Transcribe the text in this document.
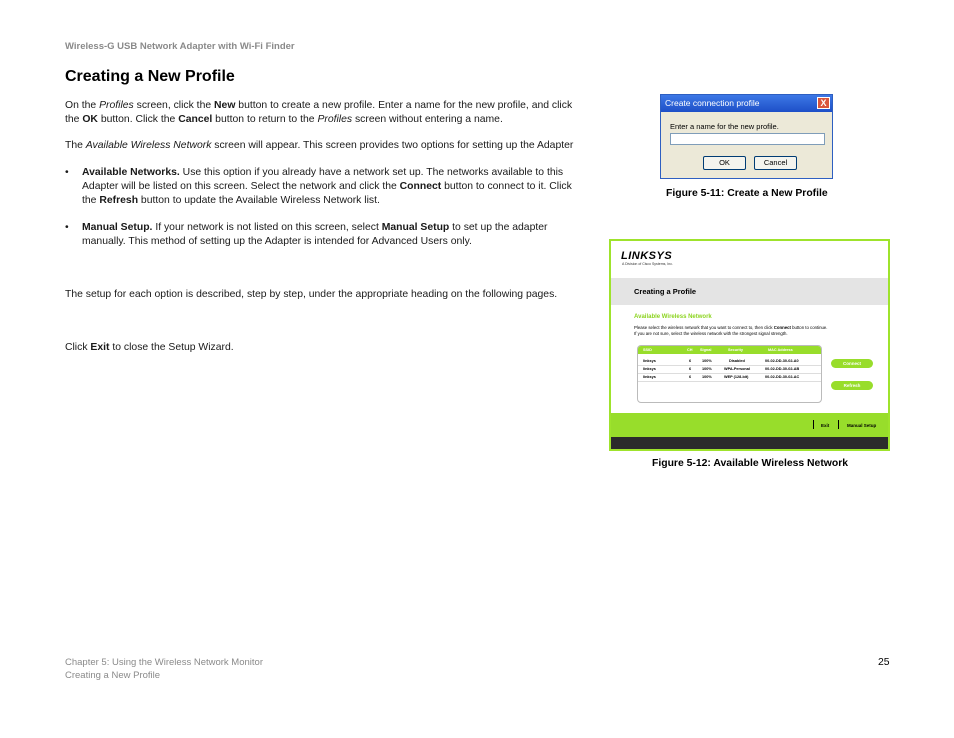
Wireless-G USB Network Adapter with Wi-Fi Finder
Creating a New Profile

On the Profiles screen, click the New button to create a new profile. Enter a name for the new profile, and click the OK button. Click the Cancel button to return to the Profiles screen without entering a name.

The Available Wireless Network screen will appear. This screen provides two options for setting up the Adapter

• Available Networks. Use this option if you already have a network set up. The networks available to this Adapter will be listed on this screen. Select the network and click the Connect button to connect to it. Click the Refresh button to update the Available Wireless Network list.
• Manual Setup. If your network is not listed on this screen, select Manual Setup to set up the adapter manually. This method of setting up the Adapter is intended for Advanced Users only.

The setup for each option is described, step by step, under the appropriate heading on the following pages.

Click Exit to close the Setup Wizard.

Create connection profile	X
Enter a name for the new profile.
OK	Cancel
Figure 5-11: Create a New Profile
LINKSYS
A Division of Cisco Systems, Inc.
Creating a Profile
Available Wireless Network
Please select the wireless network that you want to connect to, then click Connect button to continue.
If you are not sure, select the wireless network with the strongest signal strength.
SSID	CH Signal	Security	MAC Address
linksys	6	100%	Disabled	00-02-DD-30-02-A0
linksys	6	100%	WPA-Personal	00-02-DD-30-02-AB
linksys	6	100%	WEP (128-bit)	00-02-DD-30-02-AC
Connect
Refresh
Exit	Manual Setup
Figure 5-12: Available Wireless Network
Chapter 5: Using the Wireless Network Monitor
Creating a New Profile
25
